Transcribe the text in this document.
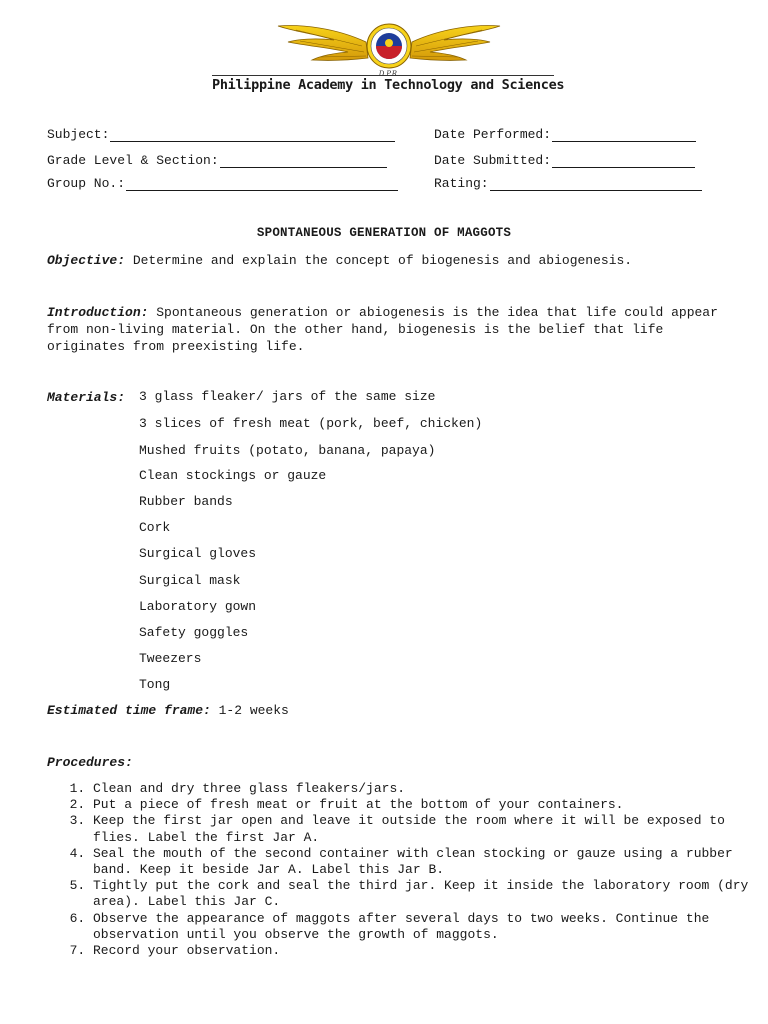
D.P.R.
Philippine Academy in Technology and Sciences
Subject:	Date Performed:
Grade Level & Section:	Date Submitted:
Group No.:	Rating:
SPONTANEOUS GENERATION OF MAGGOTS
Objective: Determine and explain the concept of biogenesis and abiogenesis.
Introduction: Spontaneous generation or abiogenesis is the idea that life could appear from non-living material. On the other hand, biogenesis is the belief that life originates from preexisting life.
Materials: 3 glass fleaker/ jars of the same size
3 slices of fresh meat (pork, beef, chicken)
Mushed fruits (potato, banana, papaya)
Clean stockings or gauze
Rubber bands
Cork
Surgical gloves
Surgical mask
Laboratory gown
Safety goggles
Tweezers
Tong
Estimated time frame: 1-2 weeks
Procedures:
1. Clean and dry three glass fleakers/jars.
2. Put a piece of fresh meat or fruit at the bottom of your containers.
3. Keep the first jar open and leave it outside the room where it will be exposed to flies. Label the first Jar A.
4. Seal the mouth of the second container with clean stocking or gauze using a rubber band. Keep it beside Jar A. Label this Jar B.
5. Tightly put the cork and seal the third jar. Keep it inside the laboratory room (dry area). Label this Jar C.
6. Observe the appearance of maggots after several days to two weeks. Continue the observation until you observe the growth of maggots.
7. Record your observation.
